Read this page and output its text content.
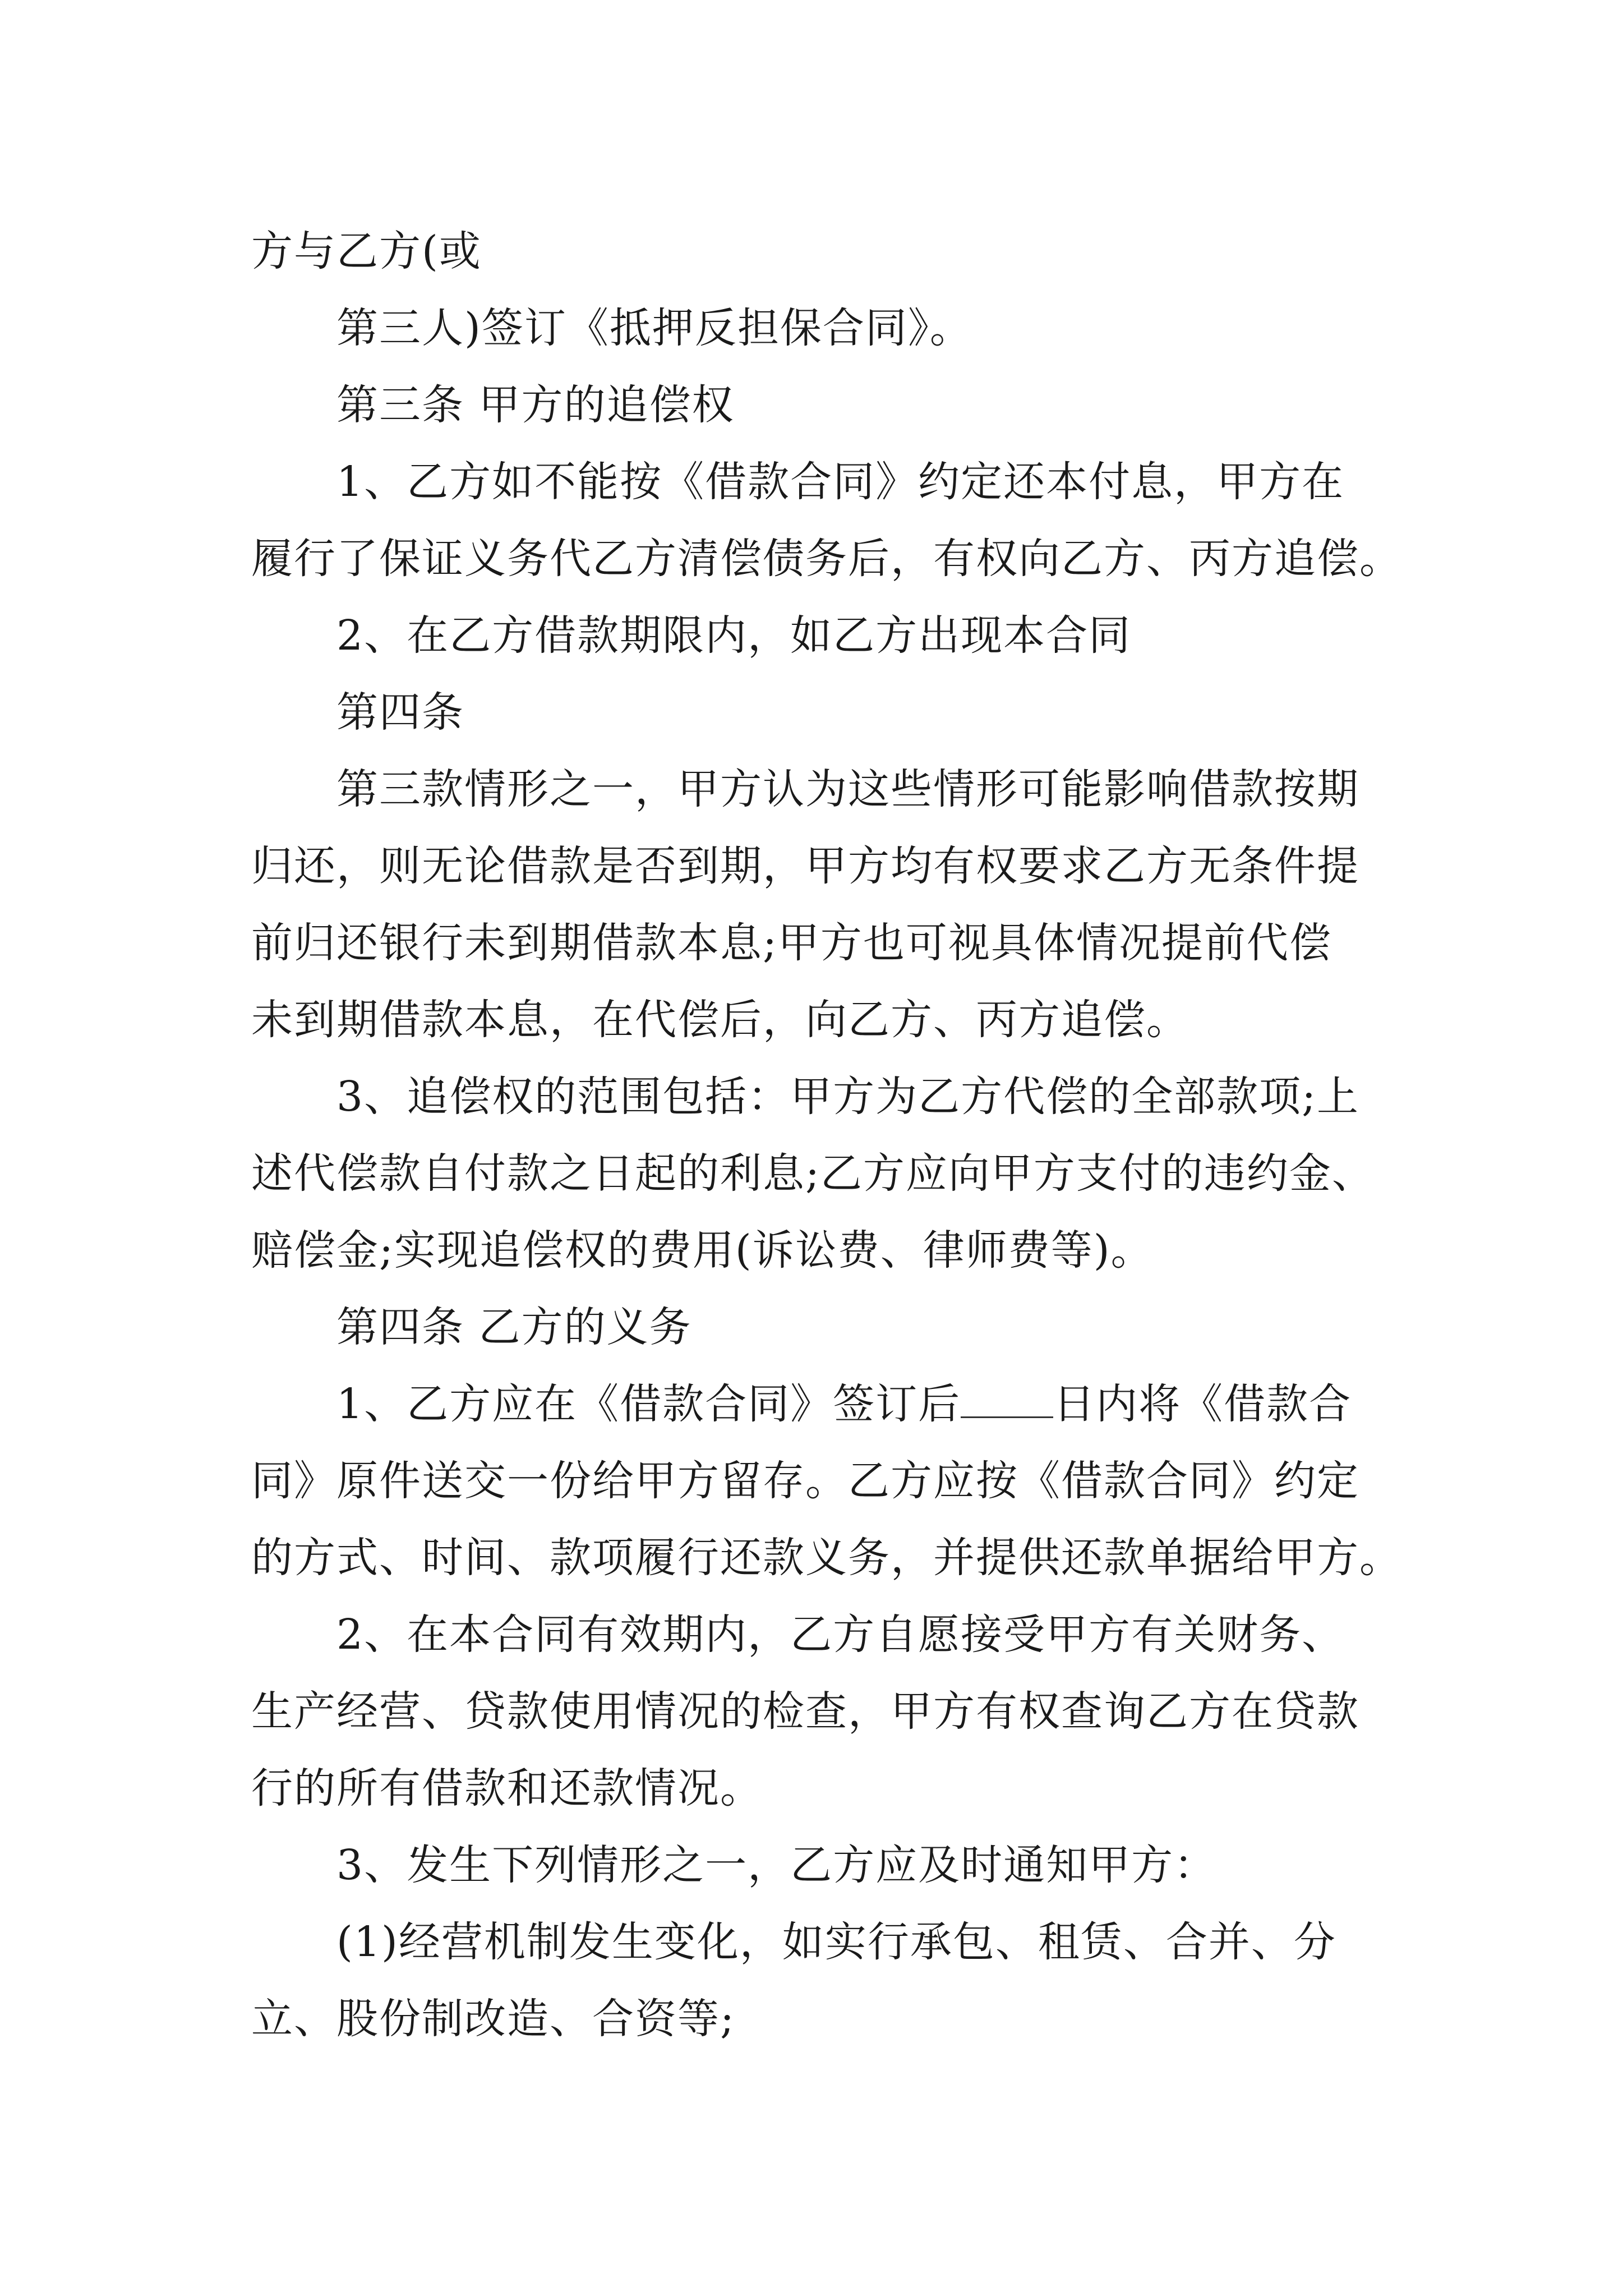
方与乙方(或
第三人)签订《抵押反担保合同》。
第三条 甲方的追偿权
1、乙方如不能按《借款合同》约定还本付息，甲方在
履行了保证义务代乙方清偿债务后，有权向乙方、丙方追偿。
2、在乙方借款期限内，如乙方出现本合同
第四条
第三款情形之一，甲方认为这些情形可能影响借款按期
归还，则无论借款是否到期，甲方均有权要求乙方无条件提
前归还银行未到期借款本息;甲方也可视具体情况提前代偿
未到期借款本息，在代偿后，向乙方、丙方追偿。
3、追偿权的范围包括：甲方为乙方代偿的全部款项;上
述代偿款自付款之日起的利息;乙方应向甲方支付的违约金、
赔偿金;实现追偿权的费用(诉讼费、律师费等)。
第四条 乙方的义务
1、乙方应在《借款合同》签订后 日内将《借款合
同》原件送交一份给甲方留存。乙方应按《借款合同》约定
的方式、时间、款项履行还款义务，并提供还款单据给甲方。
2、在本合同有效期内，乙方自愿接受甲方有关财务、
生产经营、贷款使用情况的检查，甲方有权查询乙方在贷款
行的所有借款和还款情况。
3、发生下列情形之一，乙方应及时通知甲方：
(1)经营机制发生变化，如实行承包、租赁、合并、分
立、股份制改造、合资等;
